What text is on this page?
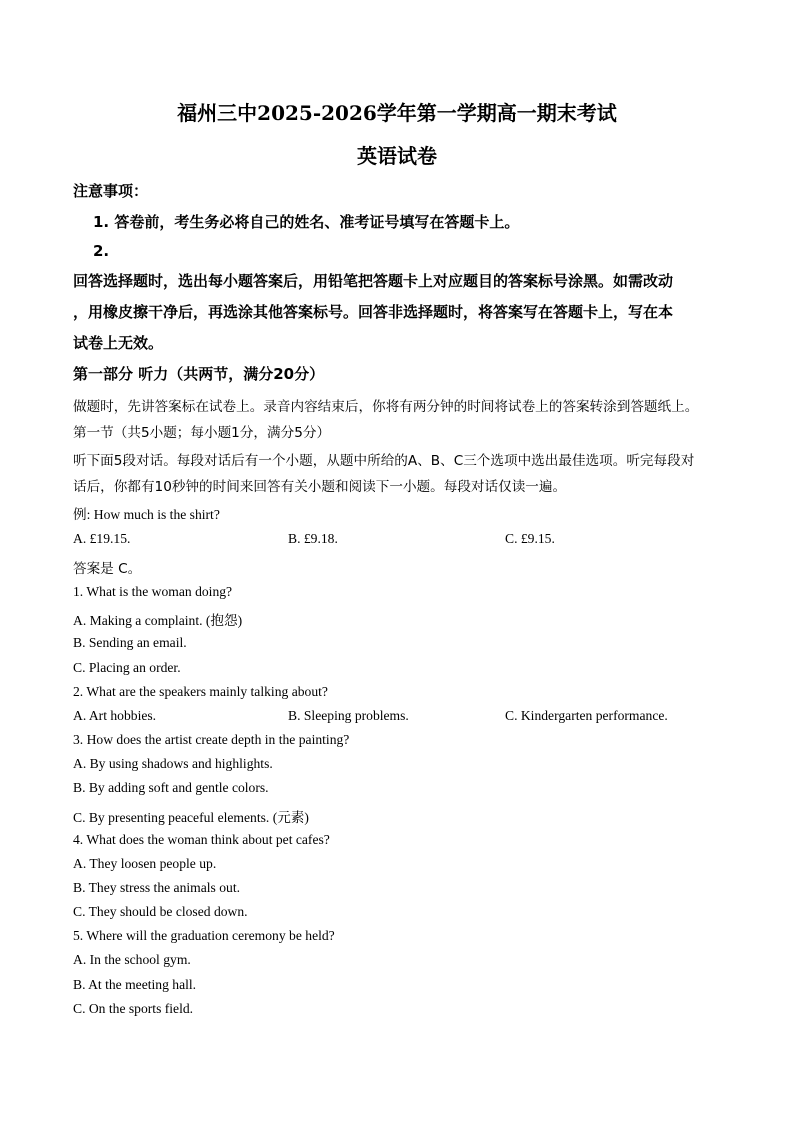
福州三中2025-2026学年第一学期高一期末考试
英语试卷
注意事项：
1. 答卷前，考生务必将自己的姓名、准考证号填写在答题卡上。
2.
回答选择题时，选出每小题答案后，用铅笔把答题卡上对应题目的答案标号涂黑。如需改动
，用橡皮擦干净后，再选涂其他答案标号。回答非选择题时，将答案写在答题卡上，写在本
试卷上无效。
第一部分 听力（共两节，满分20分）
做题时，先讲答案标在试卷上。录音内容结束后，你将有两分钟的时间将试卷上的答案转涂到答题纸上。
第一节（共5小题；每小题1分，满分5分）
听下面5段对话。每段对话后有一个小题，从题中所给的A、B、C三个选项中选出最佳选项。听完每段对
话后，你都有10秒钟的时间来回答有关小题和阅读下一小题。每段对话仅读一遍。
例: How much is the shirt?
A. £19.15.	B. £9.18.	C. £9.15.
答案是 C。
1. What is the woman doing?
A. Making a complaint. (抱怨)
B. Sending an email.
C. Placing an order.
2. What are the speakers mainly talking about?
A. Art hobbies.	B. Sleeping problems.	C. Kindergarten performance.
3. How does the artist create depth in the painting?
A. By using shadows and highlights.
B. By adding soft and gentle colors.
C. By presenting peaceful elements. (元素)
4. What does the woman think about pet cafes?
A. They loosen people up.
B. They stress the animals out.
C. They should be closed down.
5. Where will the graduation ceremony be held?
A. In the school gym.
B. At the meeting hall.
C. On the sports field.
